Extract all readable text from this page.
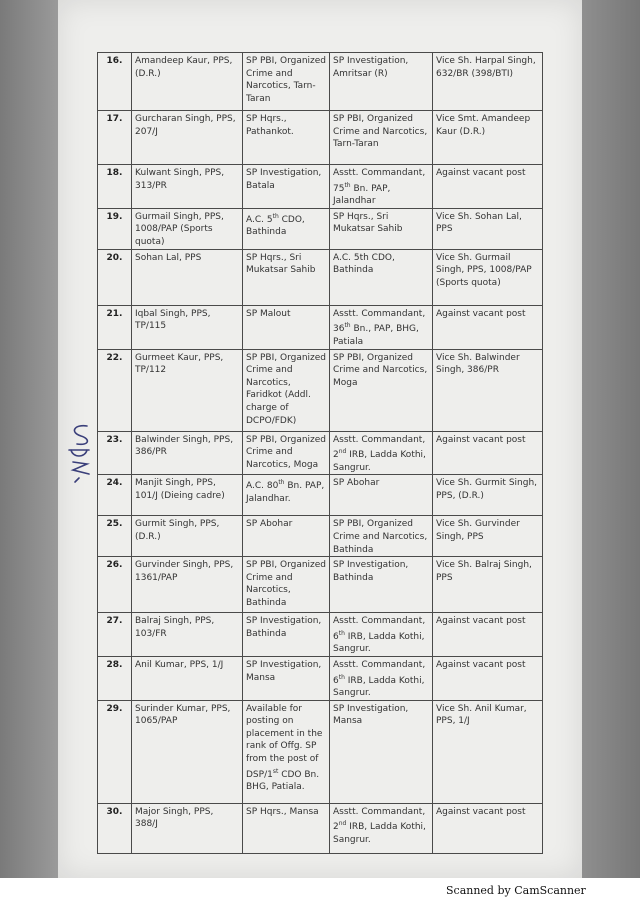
16.	Amandeep Kaur, PPS, (D.R.)	SP PBI, Organized Crime and Narcotics, Tarn-Taran	SP Investigation, Amritsar (R)	Vice Sh. Harpal Singh, 632/BR (398/BTI)
17.	Gurcharan Singh, PPS, 207/J	SP Hqrs., Pathankot.	SP PBI, Organized Crime and Narcotics, Tarn-Taran	Vice Smt. Amandeep Kaur (D.R.)
18.	Kulwant Singh, PPS, 313/PR	SP Investigation, Batala	Asstt. Commandant, 75th Bn. PAP, Jalandhar	Against vacant post
19.	Gurmail Singh, PPS, 1008/PAP (Sports quota)	A.C. 5th CDO, Bathinda	SP Hqrs., Sri Mukatsar Sahib	Vice Sh. Sohan Lal, PPS
20.	Sohan Lal, PPS	SP Hqrs., Sri Mukatsar Sahib	A.C. 5th CDO, Bathinda	Vice Sh. Gurmail Singh, PPS, 1008/PAP (Sports quota)
21.	Iqbal Singh, PPS, TP/115	SP Malout	Asstt. Commandant, 36th Bn., PAP, BHG, Patiala	Against vacant post
22.	Gurmeet Kaur, PPS, TP/112	SP PBI, Organized Crime and Narcotics, Faridkot (Addl. charge of DCPO/FDK)	SP PBI, Organized Crime and Narcotics, Moga	Vice Sh. Balwinder Singh, 386/PR
23.	Balwinder Singh, PPS, 386/PR	SP PBI, Organized Crime and Narcotics, Moga	Asstt. Commandant, 2nd IRB, Ladda Kothi, Sangrur.	Against vacant post
24.	Manjit Singh, PPS, 101/J (Dieing cadre)	A.C. 80th Bn. PAP, Jalandhar.	SP Abohar	Vice Sh. Gurmit Singh, PPS, (D.R.)
25.	Gurmit Singh, PPS, (D.R.)	SP Abohar	SP PBI, Organized Crime and Narcotics, Bathinda	Vice Sh. Gurvinder Singh, PPS
26.	Gurvinder Singh, PPS, 1361/PAP	SP PBI, Organized Crime and Narcotics, Bathinda	SP Investigation, Bathinda	Vice Sh. Balraj Singh, PPS
27.	Balraj Singh, PPS, 103/FR	SP Investigation, Bathinda	Asstt. Commandant, 6th IRB, Ladda Kothi, Sangrur.	Against vacant post
28.	Anil Kumar, PPS, 1/J	SP Investigation, Mansa	Asstt. Commandant, 6th IRB, Ladda Kothi, Sangrur.	Against vacant post
29.	Surinder Kumar, PPS, 1065/PAP	Available for posting on placement in the rank of Offg. SP from the post of DSP/1st CDO Bn. BHG, Patiala.	SP Investigation, Mansa	Vice Sh. Anil Kumar, PPS, 1/J
30.	Major Singh, PPS, 388/J	SP Hqrs., Mansa	Asstt. Commandant, 2nd IRB, Ladda Kothi, Sangrur.	Against vacant post
Scanned by CamScanner
